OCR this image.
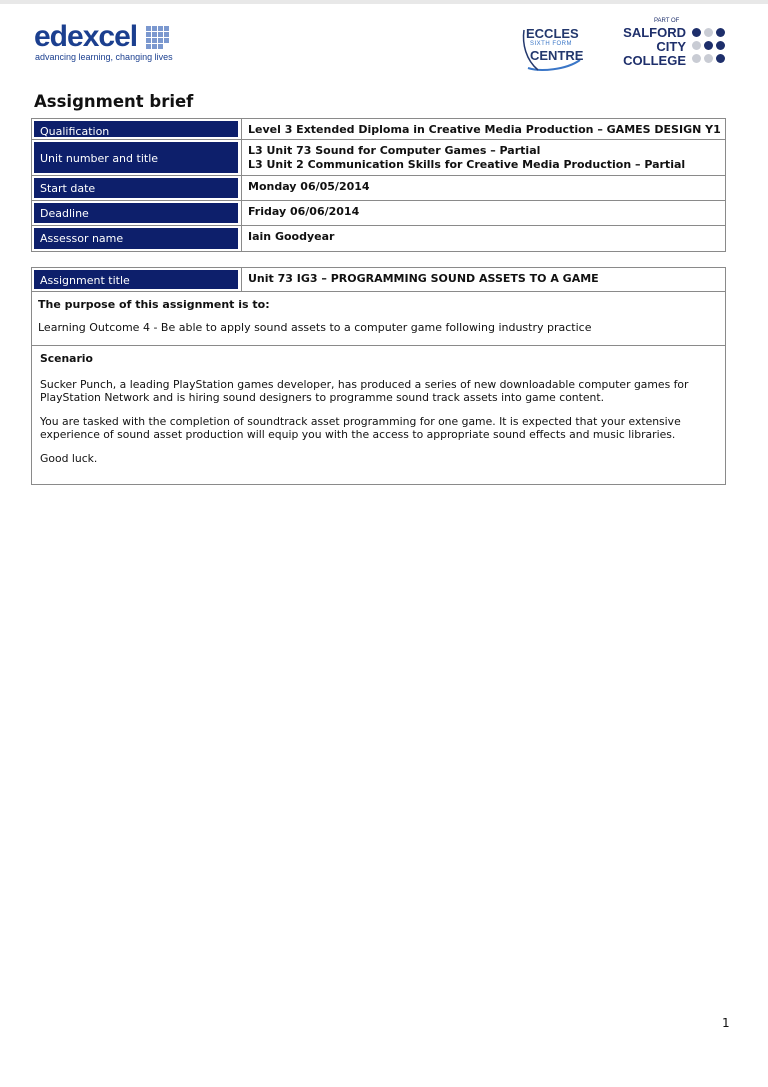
edexcel
advancing learning, changing lives
ECCLES
SIXTH FORM
CENTRE
PART OF
SALFORD
CITY
COLLEGE
Assignment brief
Qualification	Level 3 Extended Diploma in Creative Media Production – GAMES DESIGN Y1
Unit number and title
L3 Unit 73 Sound for Computer Games – Partial
L3 Unit 2 Communication Skills for Creative Media Production – Partial
Start date	Monday 06/05/2014
Deadline	Friday 06/06/2014
Assessor name	Iain Goodyear
Assignment title	Unit 73 IG3 – PROGRAMMING SOUND ASSETS TO A GAME
The purpose of this assignment is to:
Learning Outcome 4 - Be able to apply sound assets to a computer game following industry practice

Scenario

Sucker Punch, a leading PlayStation games developer, has produced a series of new downloadable computer games for
PlayStation Network and is hiring sound designers to programme sound track assets into game content.

You are tasked with the completion of soundtrack asset programming for one game. It is expected that your extensive
experience of sound asset production will equip you with the access to appropriate sound effects and music libraries.

Good luck.

1
